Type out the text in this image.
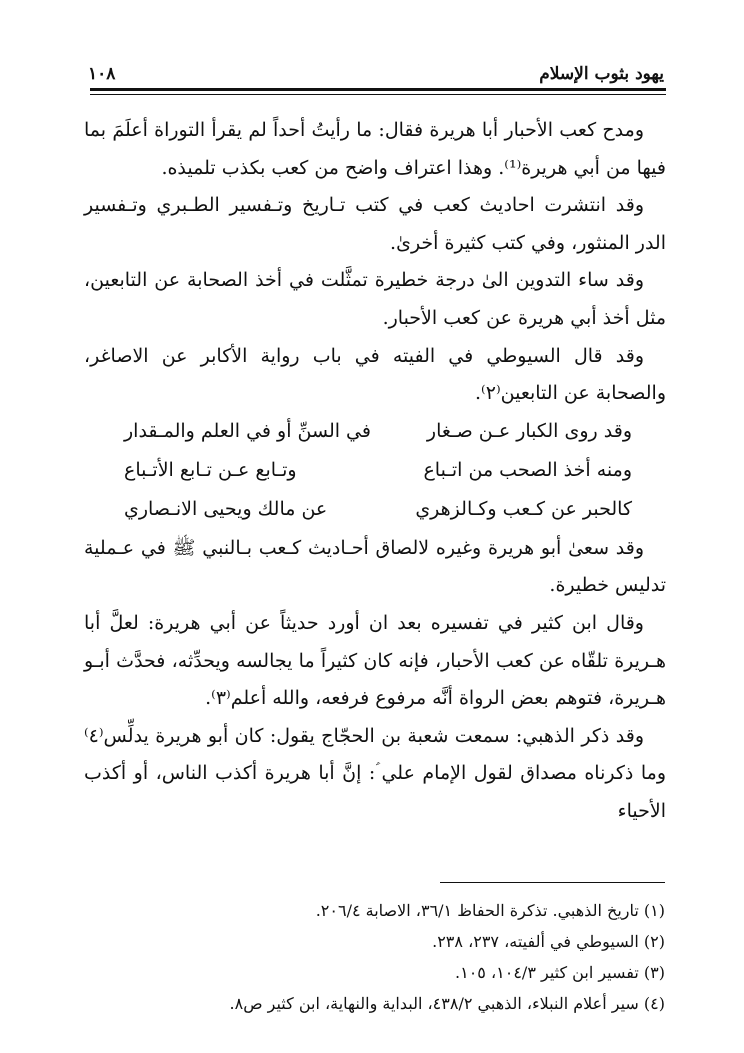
۱۰۸	يهود بثوب الإسلام

ومدح كعب الأحبار أبا هريرة فقال: ما رأيتُ أحداً لم يقرأ التوراة أعلَمَ بما فيها من أبي هريرة⁽¹⁾. وهذا اعتراف واضح من كعب بكذب تلميذه.

وقد انتشرت احاديث كعب في كتب تـاريخ وتـفسير الطـبري وتـفسير الدر المنثور، وفي كتب كثيرة أخرىٰ.

وقد ساء التدوين الىٰ درجة خطيرة تمثَّلت في أخذ الصحابة عن التابعين، مثل أخذ أبي هريرة عن كعب الأحبار.

وقد قال السيوطي في الفيته في باب رواية الأكابر عن الاصاغر، والصحابة عن التابعين⁽٢⁾.

وقد روى الكبار عـن صـغار
في السنِّ أو في العلم والمـقدار
ومنه أخذ الصحب من اتـباع
وتـابع عـن تـابع الأتـباع
كالحبر عن كـعب وكـالزهري
عن مالك ويحيى الانـصاري

وقد سعىٰ أبو هريرة وغيره لالصاق أحـاديث كـعب بـالنبي ﷺ في عـملية تدليس خطيرة.

وقال ابن كثير في تفسيره بعد ان أورد حديثاً عن أبي هريرة: لعلَّ أبا هـريرة تلقّاه عن كعب الأحبار، فإنه كان كثيراً ما يجالسه ويحدِّثه، فحدَّث أبـو هـريرة، فتوهم بعض الرواة أنَّه مرفوع فرفعه، والله أعلم⁽٣⁾.

وقد ذكر الذهبي: سمعت شعبة بن الحجّاج يقول: كان أبو هريرة يدلِّس⁽٤⁾ وما ذكرناه مصداق لقول الإمام علي ؑ: إنَّ أبا هريرة أكذب الناس، أو أكذب الأحياء

(١) تاريخ الذهبي. تذكرة الحفاظ ٣٦/١، الاصابة ٢٠٦/٤.
(٢) السيوطي في ألفيته، ٢٣٧، ٢٣٨.
(٣) تفسير ابن كثير ١٠٤/٣، ١٠٥.
(٤) سير أعلام النبلاء، الذهبي ٤٣٨/٢، البداية والنهاية، ابن كثير ص٨.
